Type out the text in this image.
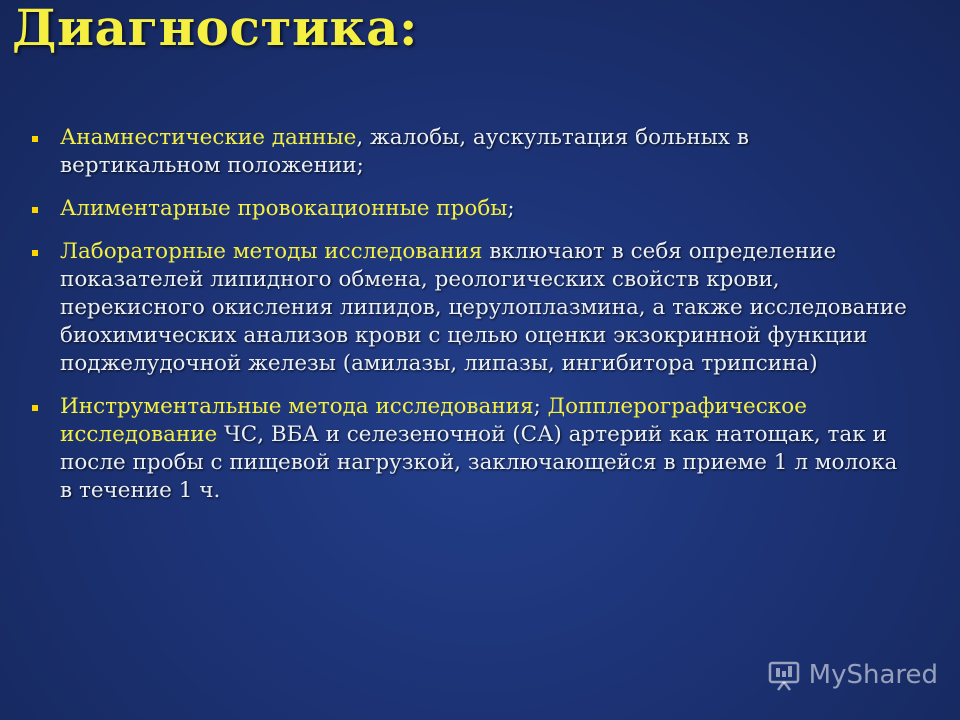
Диагностика:
Анамнестические данные, жалобы, аускультация больных в вертикальном положении;
Алиментарные провокационные пробы;
Лабораторные методы исследования включают в себя определение показателей липидного обмена, реологических свойств крови, перекисного окисления липидов, церулоплазмина, а также исследование биохимических анализов крови с целью оценки экзокринной функции поджелудочной железы (амилазы, липазы, ингибитора трипсина)
Инструментальные метода исследования; Допплерографическое исследование ЧС, ВБА и селезеночной (СА) артерий как натощак, так и после пробы с пищевой нагрузкой, заключающейся в приеме 1 л молока в течение 1 ч.
MyShared
